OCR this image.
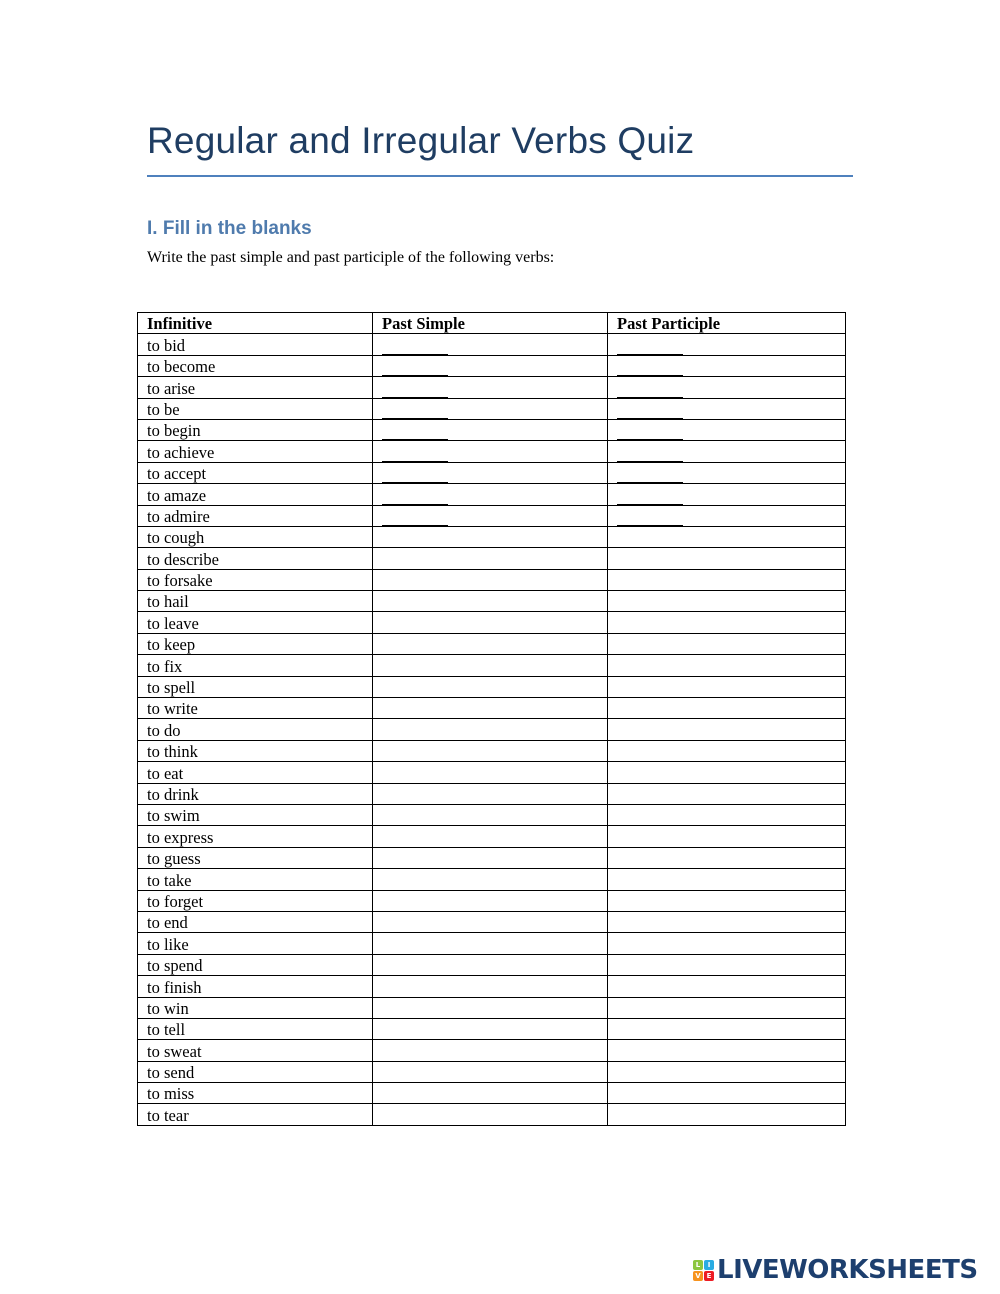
Regular and Irregular Verbs Quiz
I. Fill in the blanks

Write the past simple and past participle of the following verbs:

Infinitive	Past Simple	Past Participle
to bid		
to become		
to arise		
to be		
to begin		
to achieve		
to accept		
to amaze		
to admire		
to cough		
to describe		
to forsake		
to hail		
to leave		
to keep		
to fix		
to spell		
to write		
to do		
to think		
to eat		
to drink		
to swim		
to express		
to guess		
to take		
to forget		
to end		
to like		
to spend		
to finish		
to win		
to tell		
to sweat		
to send		
to miss		
to tear		
L	I
V E LIVEWORKSHEETS
